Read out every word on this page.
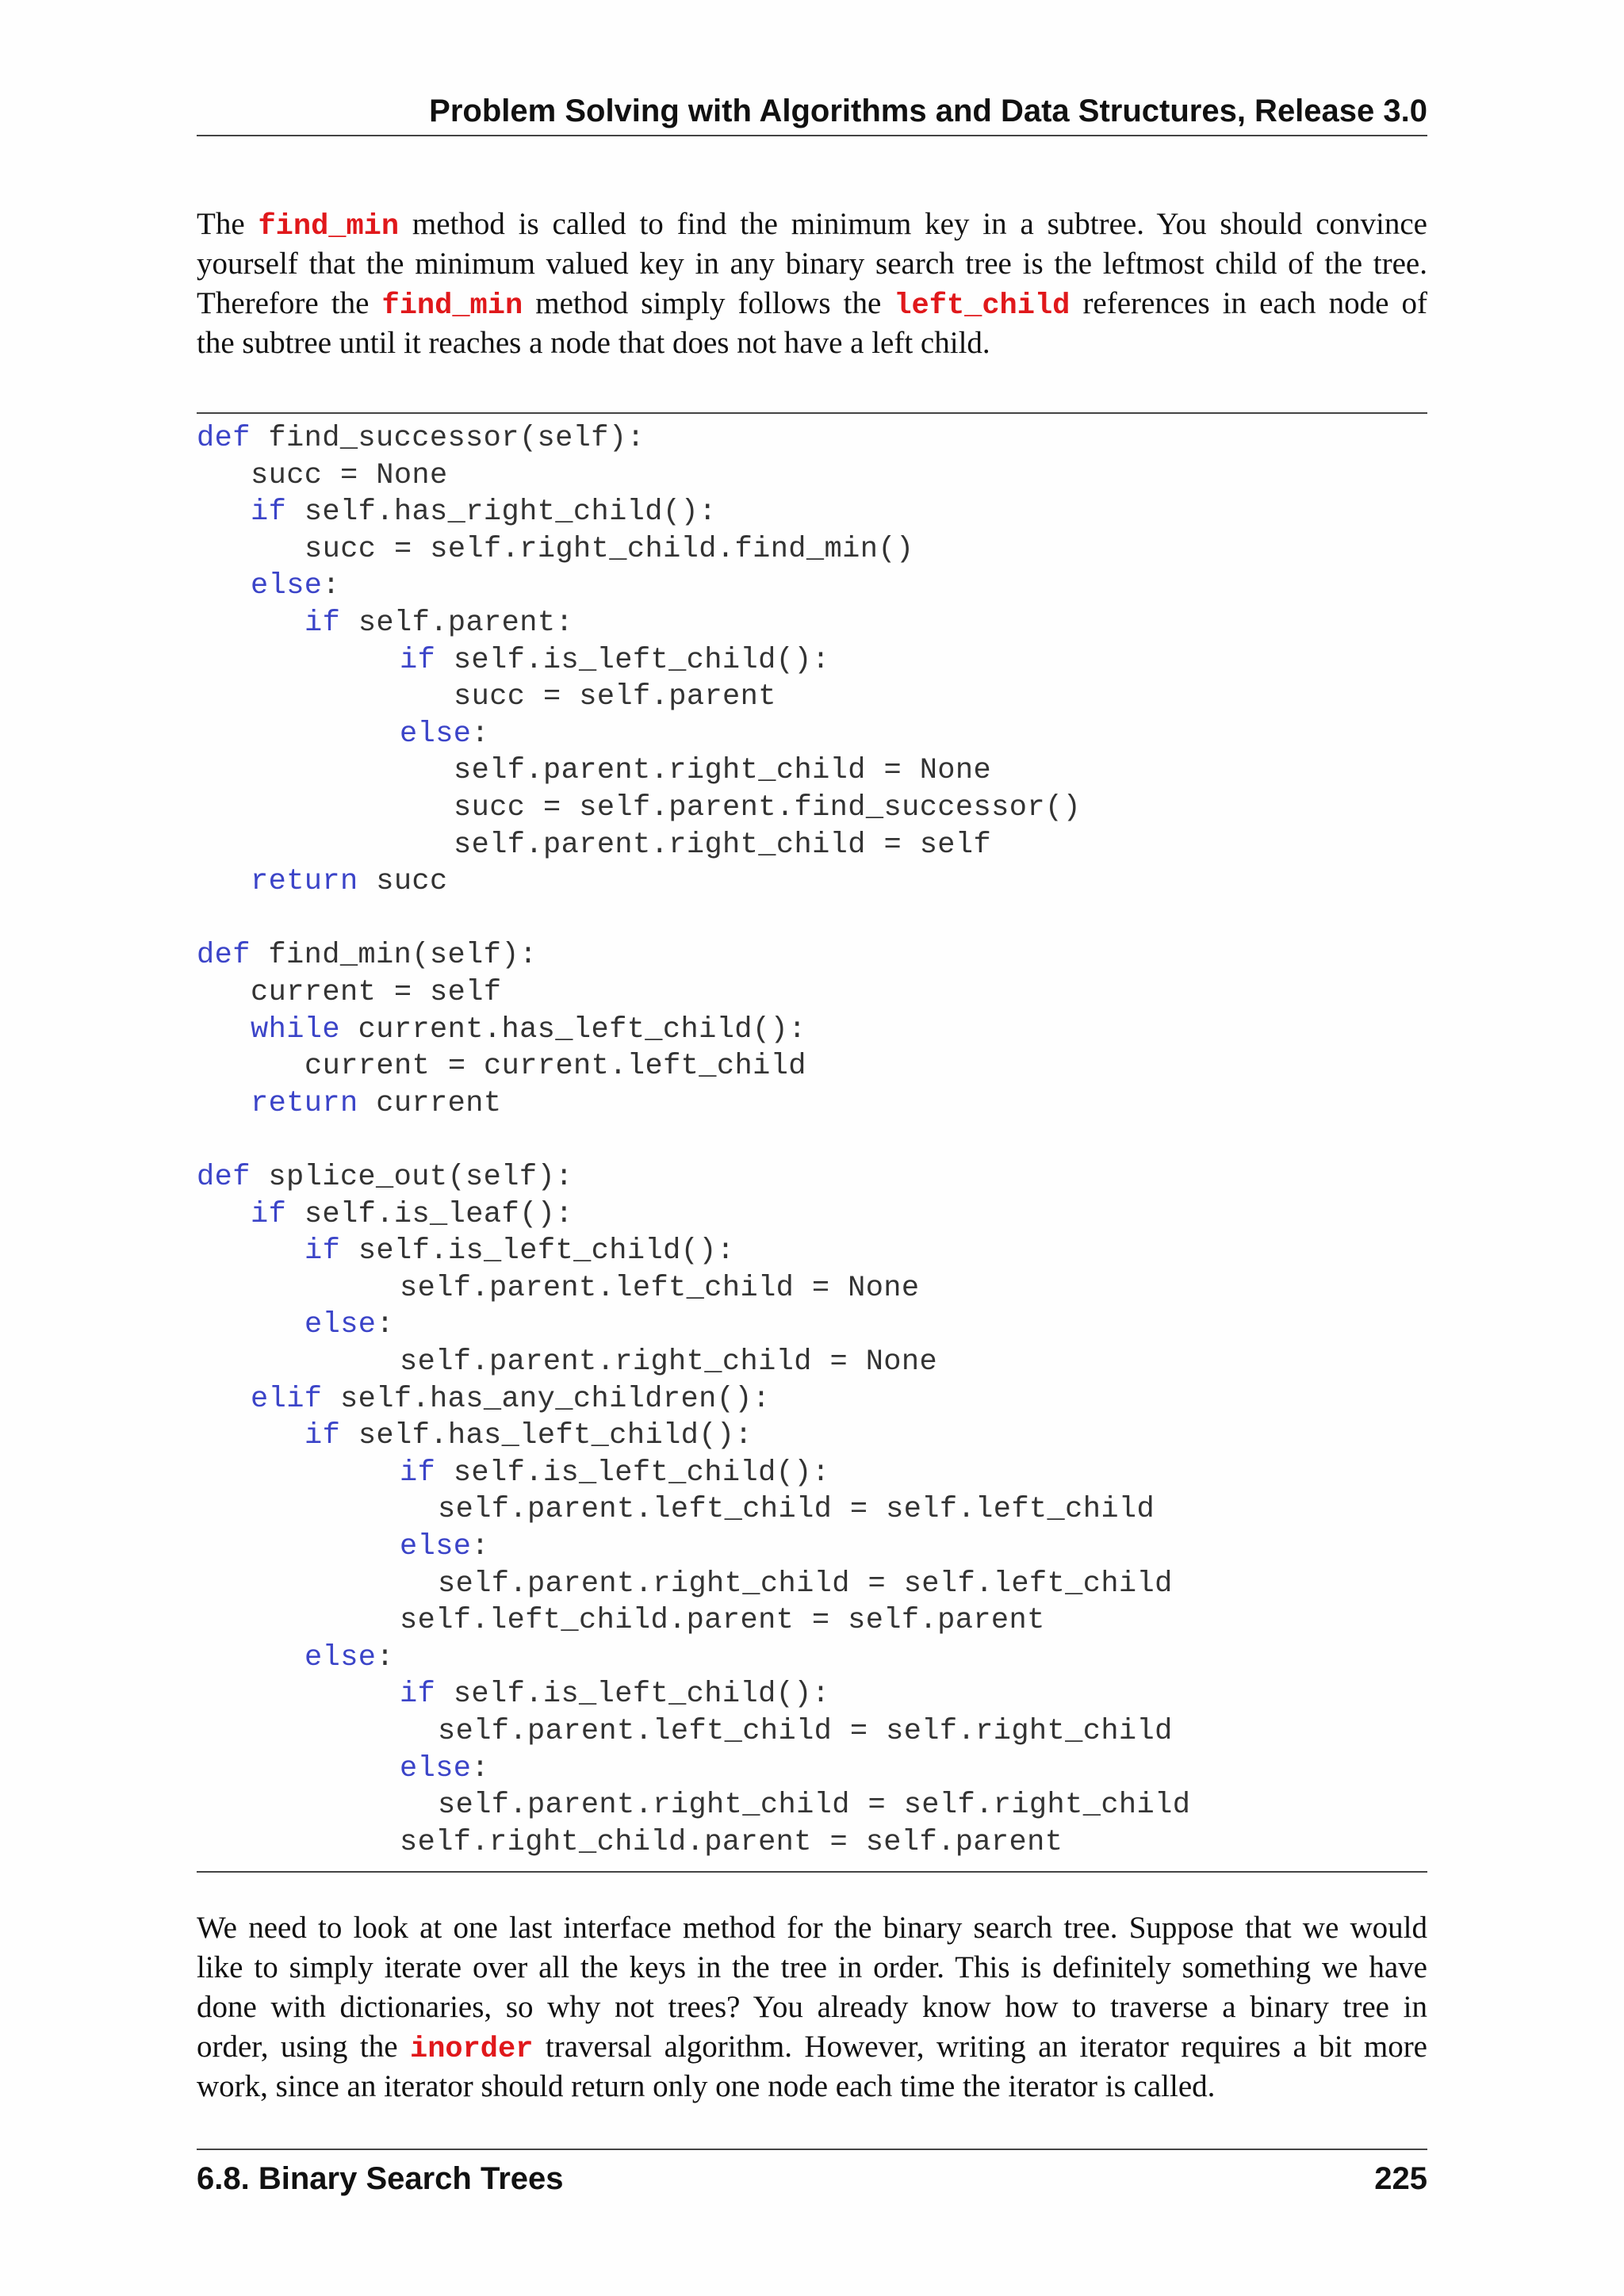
Problem Solving with Algorithms and Data Structures, Release 3.0
The find_min method is called to find the minimum key in a subtree. You should convince
yourself that the minimum valued key in any binary search tree is the leftmost child of the tree.
Therefore the find_min method simply follows the left_child references in each node of
the subtree until it reaches a node that does not have a left child.
def find_successor(self):
succ = None
if self.has_right_child():
succ = self.right_child.find_min()
else:
if self.parent:
if self.is_left_child():
succ = self.parent
else:
self.parent.right_child = None
succ = self.parent.find_successor()
self.parent.right_child = self
return succ
def find_min(self):
current = self
while current.has_left_child():
current = current.left_child
return current
def splice_out(self):
if self.is_leaf():
if self.is_left_child():
self.parent.left_child = None
else:
self.parent.right_child = None
elif self.has_any_children():
if self.has_left_child():
if self.is_left_child():
self.parent.left_child = self.left_child
else:
self.parent.right_child = self.left_child
self.left_child.parent = self.parent
else:
if self.is_left_child():
self.parent.left_child = self.right_child
else:
self.parent.right_child = self.right_child
self.right_child.parent = self.parent
We need to look at one last interface method for the binary search tree. Suppose that we would
like to simply iterate over all the keys in the tree in order. This is definitely something we have
done with dictionaries, so why not trees? You already know how to traverse a binary tree in
order, using the inorder traversal algorithm. However, writing an iterator requires a bit more
work, since an iterator should return only one node each time the iterator is called.
6.8. Binary Search Trees	225
